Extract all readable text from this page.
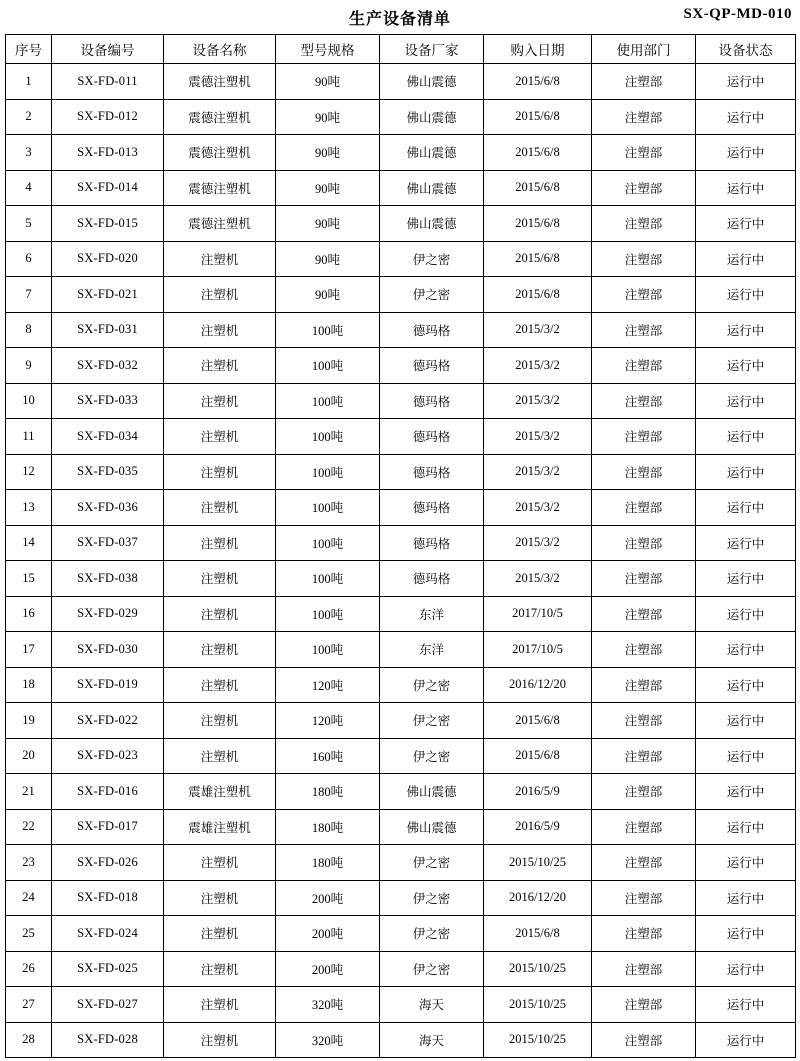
生产设备清单	SX-QP-MD-010
序号	设备编号	设备名称	型号规格	设备厂家	购入日期	使用部门	设备状态
1	SX-FD-011	震德注塑机	90吨	佛山震德	2015/6/8	注塑部	运行中
2	SX-FD-012	震德注塑机	90吨	佛山震德	2015/6/8	注塑部	运行中
3	SX-FD-013	震德注塑机	90吨	佛山震德	2015/6/8	注塑部	运行中
4	SX-FD-014	震德注塑机	90吨	佛山震德	2015/6/8	注塑部	运行中
5	SX-FD-015	震德注塑机	90吨	佛山震德	2015/6/8	注塑部	运行中
6	SX-FD-020	注塑机	90吨	伊之密	2015/6/8	注塑部	运行中
7	SX-FD-021	注塑机	90吨	伊之密	2015/6/8	注塑部	运行中
8	SX-FD-031	注塑机	100吨	德玛格	2015/3/2	注塑部	运行中
9	SX-FD-032	注塑机	100吨	德玛格	2015/3/2	注塑部	运行中
10	SX-FD-033	注塑机	100吨	德玛格	2015/3/2	注塑部	运行中
11	SX-FD-034	注塑机	100吨	德玛格	2015/3/2	注塑部	运行中
12	SX-FD-035	注塑机	100吨	德玛格	2015/3/2	注塑部	运行中
13	SX-FD-036	注塑机	100吨	德玛格	2015/3/2	注塑部	运行中
14	SX-FD-037	注塑机	100吨	德玛格	2015/3/2	注塑部	运行中
15	SX-FD-038	注塑机	100吨	德玛格	2015/3/2	注塑部	运行中
16	SX-FD-029	注塑机	100吨	东洋	2017/10/5	注塑部	运行中
17	SX-FD-030	注塑机	100吨	东洋	2017/10/5	注塑部	运行中
18	SX-FD-019	注塑机	120吨	伊之密	2016/12/20	注塑部	运行中
19	SX-FD-022	注塑机	120吨	伊之密	2015/6/8	注塑部	运行中
20	SX-FD-023	注塑机	160吨	伊之密	2015/6/8	注塑部	运行中
21	SX-FD-016	震雄注塑机	180吨	佛山震德	2016/5/9	注塑部	运行中
22	SX-FD-017	震雄注塑机	180吨	佛山震德	2016/5/9	注塑部	运行中
23	SX-FD-026	注塑机	180吨	伊之密	2015/10/25	注塑部	运行中
24	SX-FD-018	注塑机	200吨	伊之密	2016/12/20	注塑部	运行中
25	SX-FD-024	注塑机	200吨	伊之密	2015/6/8	注塑部	运行中
26	SX-FD-025	注塑机	200吨	伊之密	2015/10/25	注塑部	运行中
27	SX-FD-027	注塑机	320吨	海天	2015/10/25	注塑部	运行中
28	SX-FD-028	注塑机	320吨	海天	2015/10/25	注塑部	运行中
